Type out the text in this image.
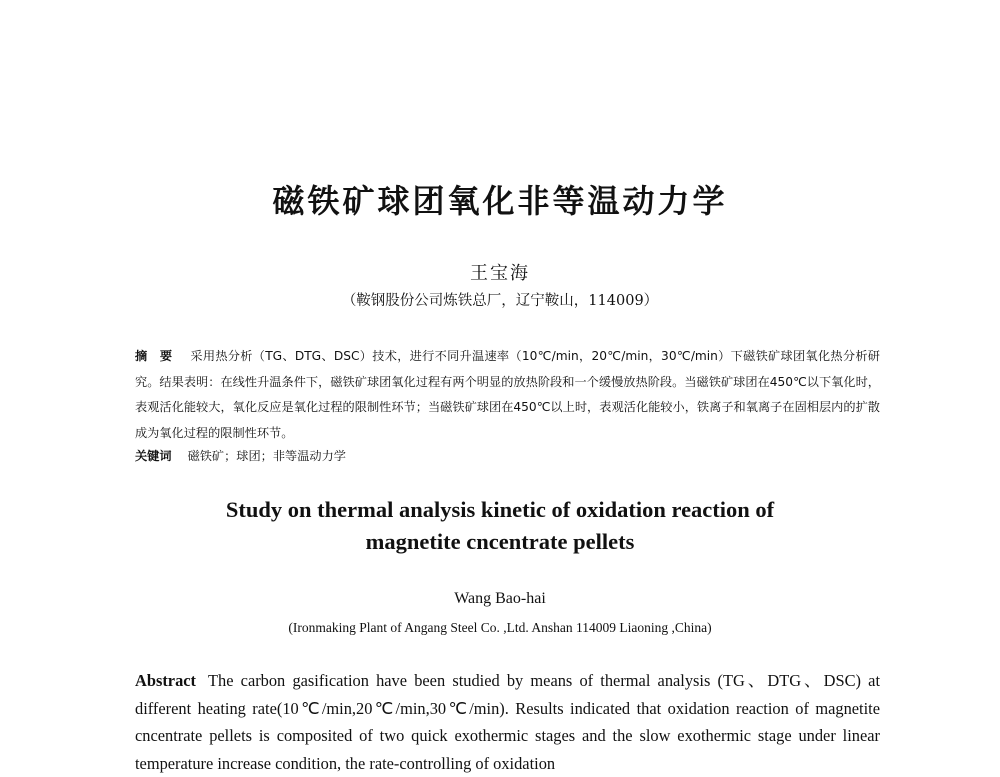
磁铁矿球团氧化非等温动力学
王宝海
（鞍钢股份公司炼铁总厂，辽宁鞍山，114009）
摘　要 采用热分析（TG、DTG、DSC）技术，进行不同升温速率（10℃/min，20℃/min，30℃/min）下磁铁矿球团氧化热分析研究。结果表明：在线性升温条件下，磁铁矿球团氧化过程有两个明显的放热阶段和一个缓慢放热阶段。当磁铁矿球团在450℃以下氧化时，表观活化能较大，氧化反应是氧化过程的限制性环节；当磁铁矿球团在450℃以上时，表观活化能较小，铁离子和氧离子在固相层内的扩散成为氧化过程的限制性环节。
关键词 磁铁矿；球团；非等温动力学
Study on thermal analysis kinetic of oxidation reaction of
magnetite cncentrate pellets
Wang Bao-hai
(Ironmaking Plant of Angang Steel Co. ,Ltd. Anshan 114009 Liaoning ,China)
Abstract The carbon gasification have been studied by means of thermal analysis (TG、DTG、DSC) at different heating rate(10℃/min,20℃/min,30℃/min). Results indicated that oxidation reaction of magnetite cncentrate pellets is composited of two quick exothermic stages and the slow exothermic stage under linear temperature increase condition, the rate-controlling of oxidation
